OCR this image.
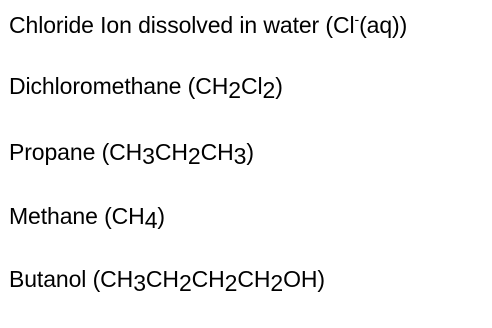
Chloride Ion dissolved in water (Cl-(aq))
Dichloromethane (CH2Cl2)
Propane (CH3CH2CH3)
Methane (CH4)
Butanol (CH3CH2CH2CH2OH)
